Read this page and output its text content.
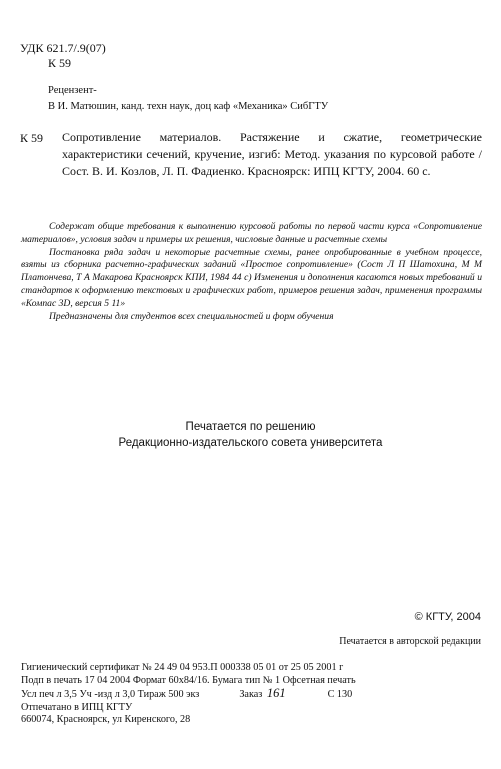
УДК 621.7/.9(07)
К 59
Рецензент-
В И. Матюшин, канд. техн наук, доц каф «Механика» СибГТУ
К 59 Сопротивление материалов. Растяжение и сжатие, геометрические характеристики сечений, кручение, изгиб: Метод. указания по курсовой работе / Сост. В. И. Козлов, Л. П. Фадиенко. Красноярск: ИПЦ КГТУ, 2004. 60 с.

Содержат общие требования к выполнению курсовой работы по первой части курса «Сопротивление материалов», условия задач и примеры их решения, числовые данные и расчетные схемы

Постановка ряда задач и некоторые расчетные схемы, ранее опробированные в учебном процессе, взяты из сборника расчетно-графических заданий «Простое сопротивление» (Сост Л П Шатохина, М М Платончева, Т А Макарова Красноярск КПИ, 1984 44 с) Изменения и дополнения касаются новых требований и стандартов к оформлению текстовых и графических работ, примеров решения задач, применения программы «Компас 3D, версия 5 11»

Предназначены для студентов всех специальностей и форм обучения

Печатается по решению
Редакционно-издательского совета университета
© КГТУ, 2004
Печатается в авторской редакции
Гигиенический сертификат № 24 49 04 953.П 000338 05 01 от 25 05 2001 г
Подп в печать 17 04 2004 Формат 60x84/16. Бумага тип № 1 Офсетная печать
Усл печ л 3,5 Уч -изд л 3,0 Тираж 500 экз	Заказ 161	С 130
Отпечатано в ИПЦ КГТУ
660074, Красноярск, ул Киренского, 28
